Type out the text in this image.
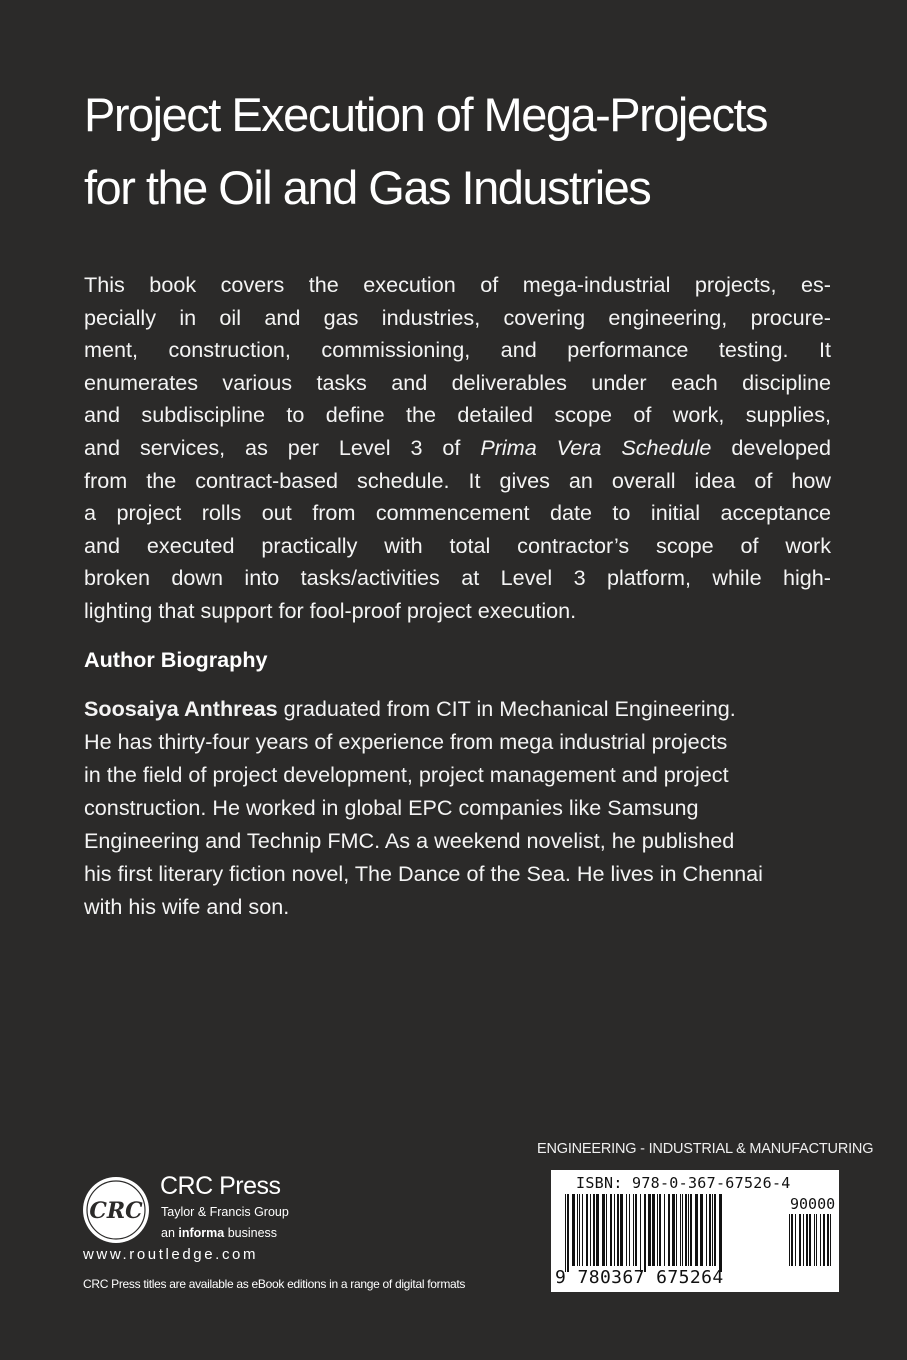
Project Execution of Mega-Projects
for the Oil and Gas Industries
This book covers the execution of mega-industrial projects, es-
pecially in oil and gas industries, covering engineering, procure-
ment, construction, commissioning, and performance testing. It
enumerates various tasks and deliverables under each discipline
and subdiscipline to define the detailed scope of work, supplies,
and services, as per Level 3 of Prima Vera Schedule developed
from the contract-based schedule. It gives an overall idea of how
a project rolls out from commencement date to initial acceptance
and executed practically with total contractor’s scope of work
broken down into tasks/activities at Level 3 platform, while high-
lighting that support for fool-proof project execution.
Author Biography
Soosaiya Anthreas graduated from CIT in Mechanical Engineering.
He has thirty-four years of experience from mega industrial projects
in the field of project development, project management and project
construction. He worked in global EPC companies like Samsung
Engineering and Technip FMC. As a weekend novelist, he published
his first literary fiction novel, The Dance of the Sea. He lives in Chennai
with his wife and son.
ENGINEERING - INDUSTRIAL & MANUFACTURING
ISBN: 978-0-367-67526-4
90000
9 780367 675264
CRC
CRC Press
Taylor & Francis Group
an informa business
www.routledge.com
CRC Press titles are available as eBook editions in a range of digital formats
